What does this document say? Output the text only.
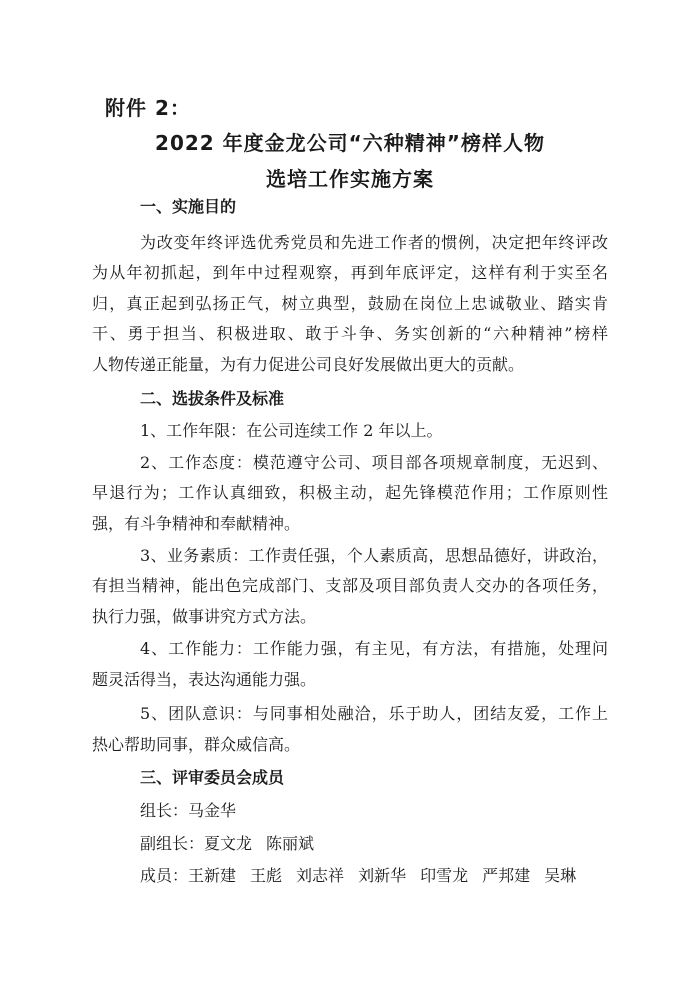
附件 2：
2022 年度金龙公司“六种精神”榜样人物
选培工作实施方案
一、实施目的
为改变年终评选优秀党员和先进工作者的惯例，决定把年终评改
为从年初抓起，到年中过程观察，再到年底评定，这样有利于实至名
归，真正起到弘扬正气，树立典型，鼓励在岗位上忠诚敬业、踏实肯
干、勇于担当、积极进取、敢于斗争、务实创新的“六种精神”榜样
人物传递正能量，为有力促进公司良好发展做出更大的贡献。
二、选拔条件及标准
1、工作年限：在公司连续工作 2 年以上。
2、工作态度：模范遵守公司、项目部各项规章制度，无迟到、
早退行为；工作认真细致，积极主动，起先锋模范作用；工作原则性
强，有斗争精神和奉献精神。
3、业务素质：工作责任强，个人素质高，思想品德好，讲政治，
有担当精神，能出色完成部门、支部及项目部负责人交办的各项任务，
执行力强，做事讲究方式方法。
4、工作能力：工作能力强，有主见，有方法，有措施，处理问
题灵活得当，表达沟通能力强。
5、团队意识：与同事相处融洽，乐于助人，团结友爱，工作上
热心帮助同事，群众威信高。
三、评审委员会成员
组长：马金华
副组长：夏文龙 陈丽斌
成员：王新建 王彪 刘志祥 刘新华 印雪龙 严邦建 吴琳
